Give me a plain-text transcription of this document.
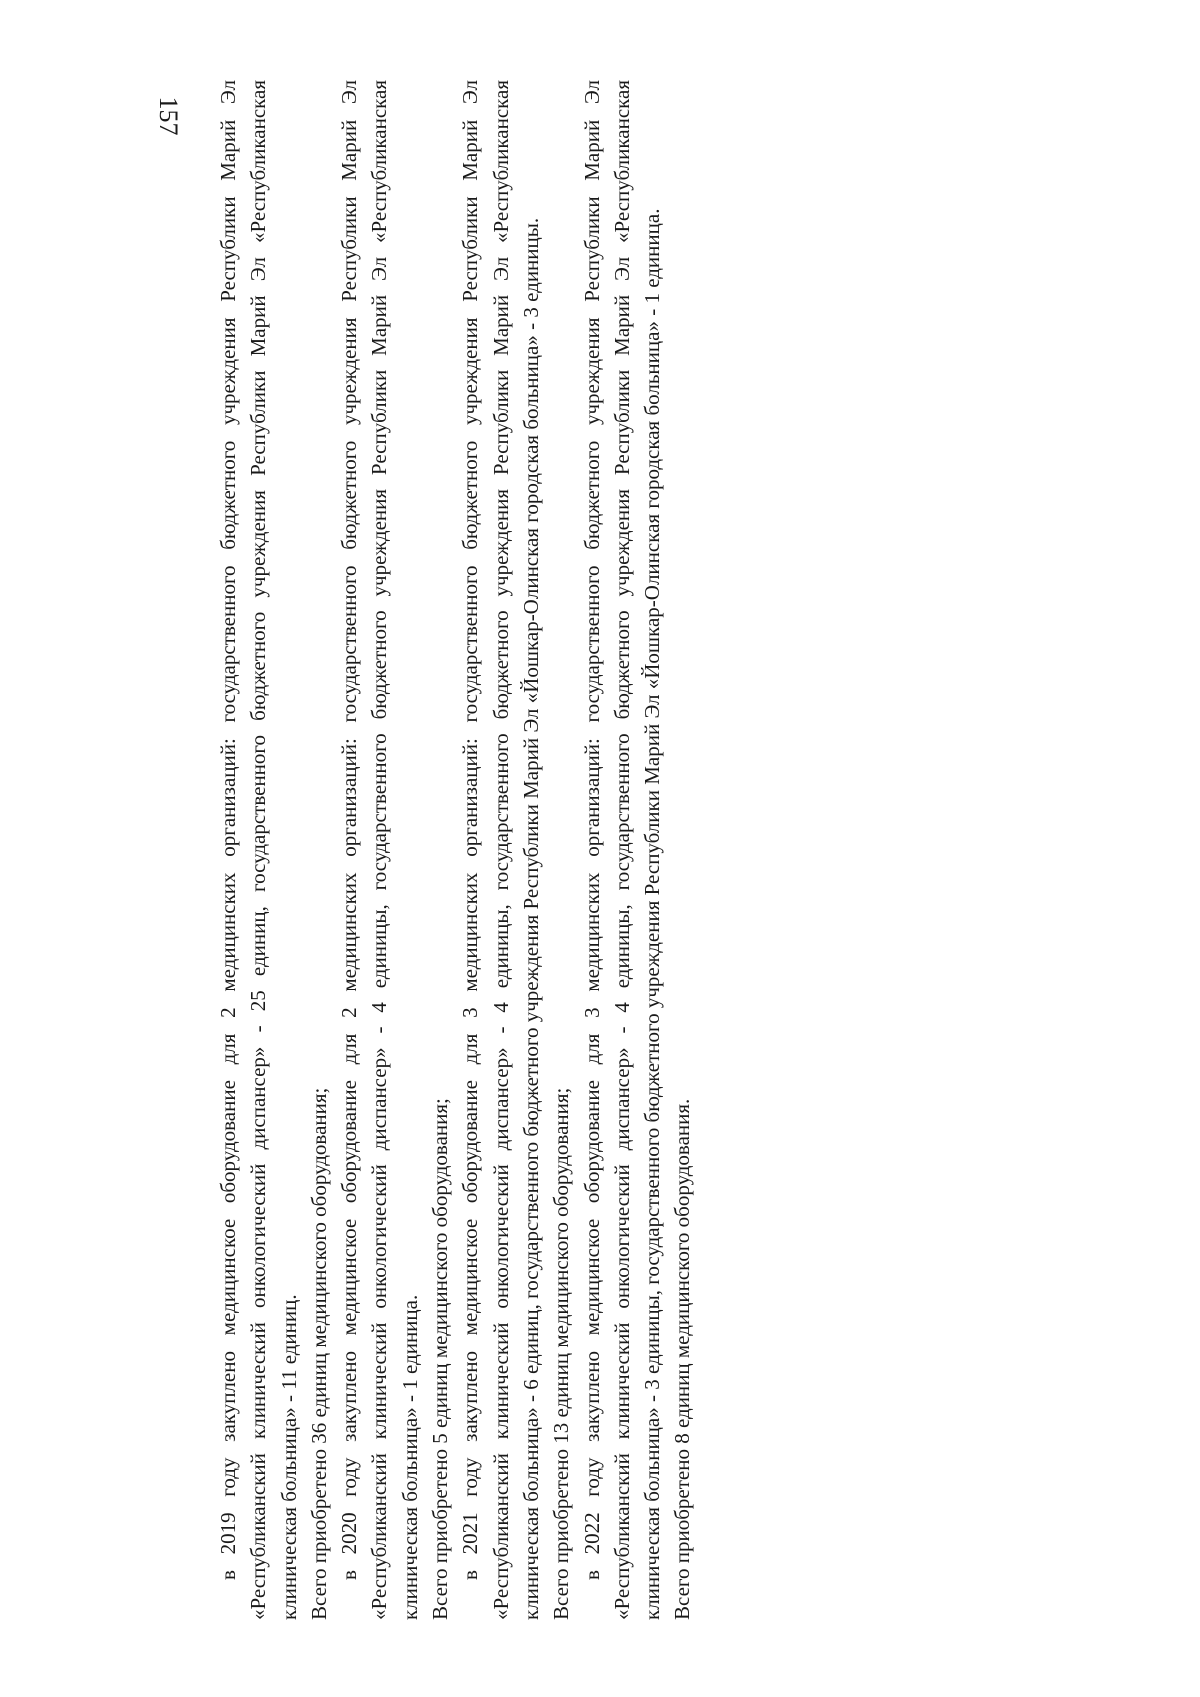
157	в 2019 году закуплено медицинское оборудование для 2 медицинских организаций: государственного бюджетного учреждения Республики Марий Эл «Республиканский клинический онкологический диспансер» - 25 единиц, государственного бюджетного учреждения Республики Марий Эл «Республиканская клиническая больница» - 11 единиц. Всего приобретено 36 единиц медицинского оборудования; в 2020 году закуплено медицинское оборудование для 2 медицинских организаций: государственного бюджетного учреждения Республики Марий Эл «Республиканский клинический онкологический диспансер» - 4 единицы, государственного бюджетного учреждения Республики Марий Эл «Республиканская клиническая больница» - 1 единица. Всего приобретено 5 единиц медицинского оборудования; в 2021 году закуплено медицинское оборудование для 3 медицинских организаций: государственного бюджетного учреждения Республики Марий Эл «Республиканский клинический онкологический диспансер» - 4 единицы, государственного бюджетного учреждения Республики Марий Эл «Республиканская клиническая больница» - 6 единиц, государственного бюджетного учреждения Республики Марий Эл «Йошкар-Олинская городская больница» - 3 единицы. Всего приобретено 13 единиц медицинского оборудования; в 2022 году закуплено медицинское оборудование для 3 медицинских организаций: государственного бюджетного учреждения Республики Марий Эл «Республиканский клинический онкологический диспансер» - 4 единицы, государственного бюджетного учреждения Республики Марий Эл «Республиканская клиническая больница» - 3 единицы, государственного бюджетного учреждения Республики Марий Эл «Йошкар-Олинская городская больница» - 1 единица. Всего приобретено 8 единиц медицинского оборудования.
